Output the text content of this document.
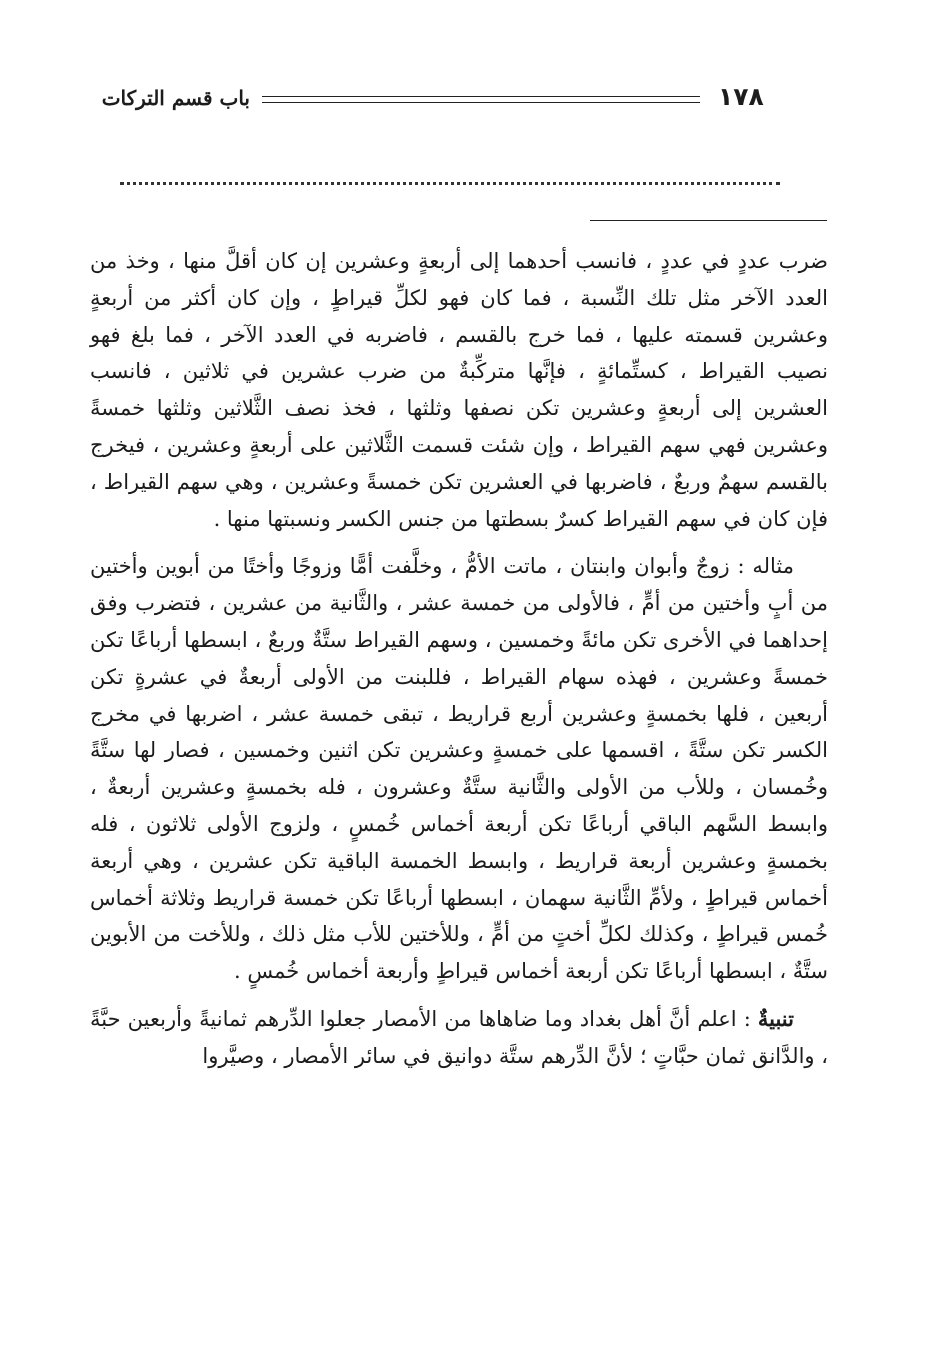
١٧٨
باب قسم التركات

ضرب عددٍ في عددٍ ، فانسب أحدهما إلى أربعةٍ وعشرين إن كان أقلَّ منها ، وخذ من العدد الآخر مثل تلك النِّسبة ، فما كان فهو لكلِّ قيراطٍ ، وإن كان أكثر من أربعةٍ وعشرين قسمته عليها ، فما خرج بالقسم ، فاضربه في العدد الآخر ، فما بلغ فهو نصيب القيراط ، كستِّمائةٍ ، فإنَّها متركِّبةٌ من ضرب عشرين في ثلاثين ، فانسب العشرين إلى أربعةٍ وعشرين تكن نصفها وثلثها ، فخذ نصف الثَّلاثين وثلثها خمسةً وعشرين فهي سهم القيراط ، وإن شئت قسمت الثَّلاثين على أربعةٍ وعشرين ، فيخرج بالقسم سهمٌ وربعٌ ، فاضربها في العشرين تكن خمسةً وعشرين ، وهي سهم القيراط ، فإن كان في سهم القيراط كسرٌ بسطتها من جنس الكسر ونسبتها منها .

مثاله : زوجٌ وأبوان وابنتان ، ماتت الأمُّ ، وخلَّفت أمًّا وزوجًا وأختًا من أبوين وأختين من أبٍ وأختين من أمٍّ ، فالأولى من خمسة عشر ، والثَّانية من عشرين ، فتضرب وفق إحداهما في الأخرى تكن مائةً وخمسين ، وسهم القيراط ستَّةٌ وربعٌ ، ابسطها أرباعًا تكن خمسةً وعشرين ، فهذه سهام القيراط ، فللبنت من الأولى أربعةٌ في عشرةٍ تكن أربعين ، فلها بخمسةٍ وعشرين أربع قراريط ، تبقى خمسة عشر ، اضربها في مخرج الكسر تكن ستَّةً ، اقسمها على خمسةٍ وعشرين تكن اثنين وخمسين ، فصار لها ستَّةً وخُمسان ، وللأب من الأولى والثَّانية ستَّةٌ وعشرون ، فله بخمسةٍ وعشرين أربعةٌ ، وابسط السَّهم الباقي أرباعًا تكن أربعة أخماس خُمسٍ ، ولزوج الأولى ثلاثون ، فله بخمسةٍ وعشرين أربعة قراريط ، وابسط الخمسة الباقية تكن عشرين ، وهي أربعة أخماس قيراطٍ ، ولأمِّ الثَّانية سهمان ، ابسطها أرباعًا تكن خمسة قراريط وثلاثة أخماس خُمس قيراطٍ ، وكذلك لكلِّ أختٍ من أمٍّ ، وللأختين للأب مثل ذلك ، وللأخت من الأبوين ستَّةٌ ، ابسطها أرباعًا تكن أربعة أخماس قيراطٍ وأربعة أخماس خُمسٍ .

تنبيةٌ : اعلم أنَّ أهل بغداد وما ضاهاها من الأمصار جعلوا الدِّرهم ثمانيةً وأربعين حبَّةً ، والدَّانق ثمان حبَّاتٍ ؛ لأنَّ الدِّرهم ستَّة دوانيق في سائر الأمصار ، وصيَّروا
